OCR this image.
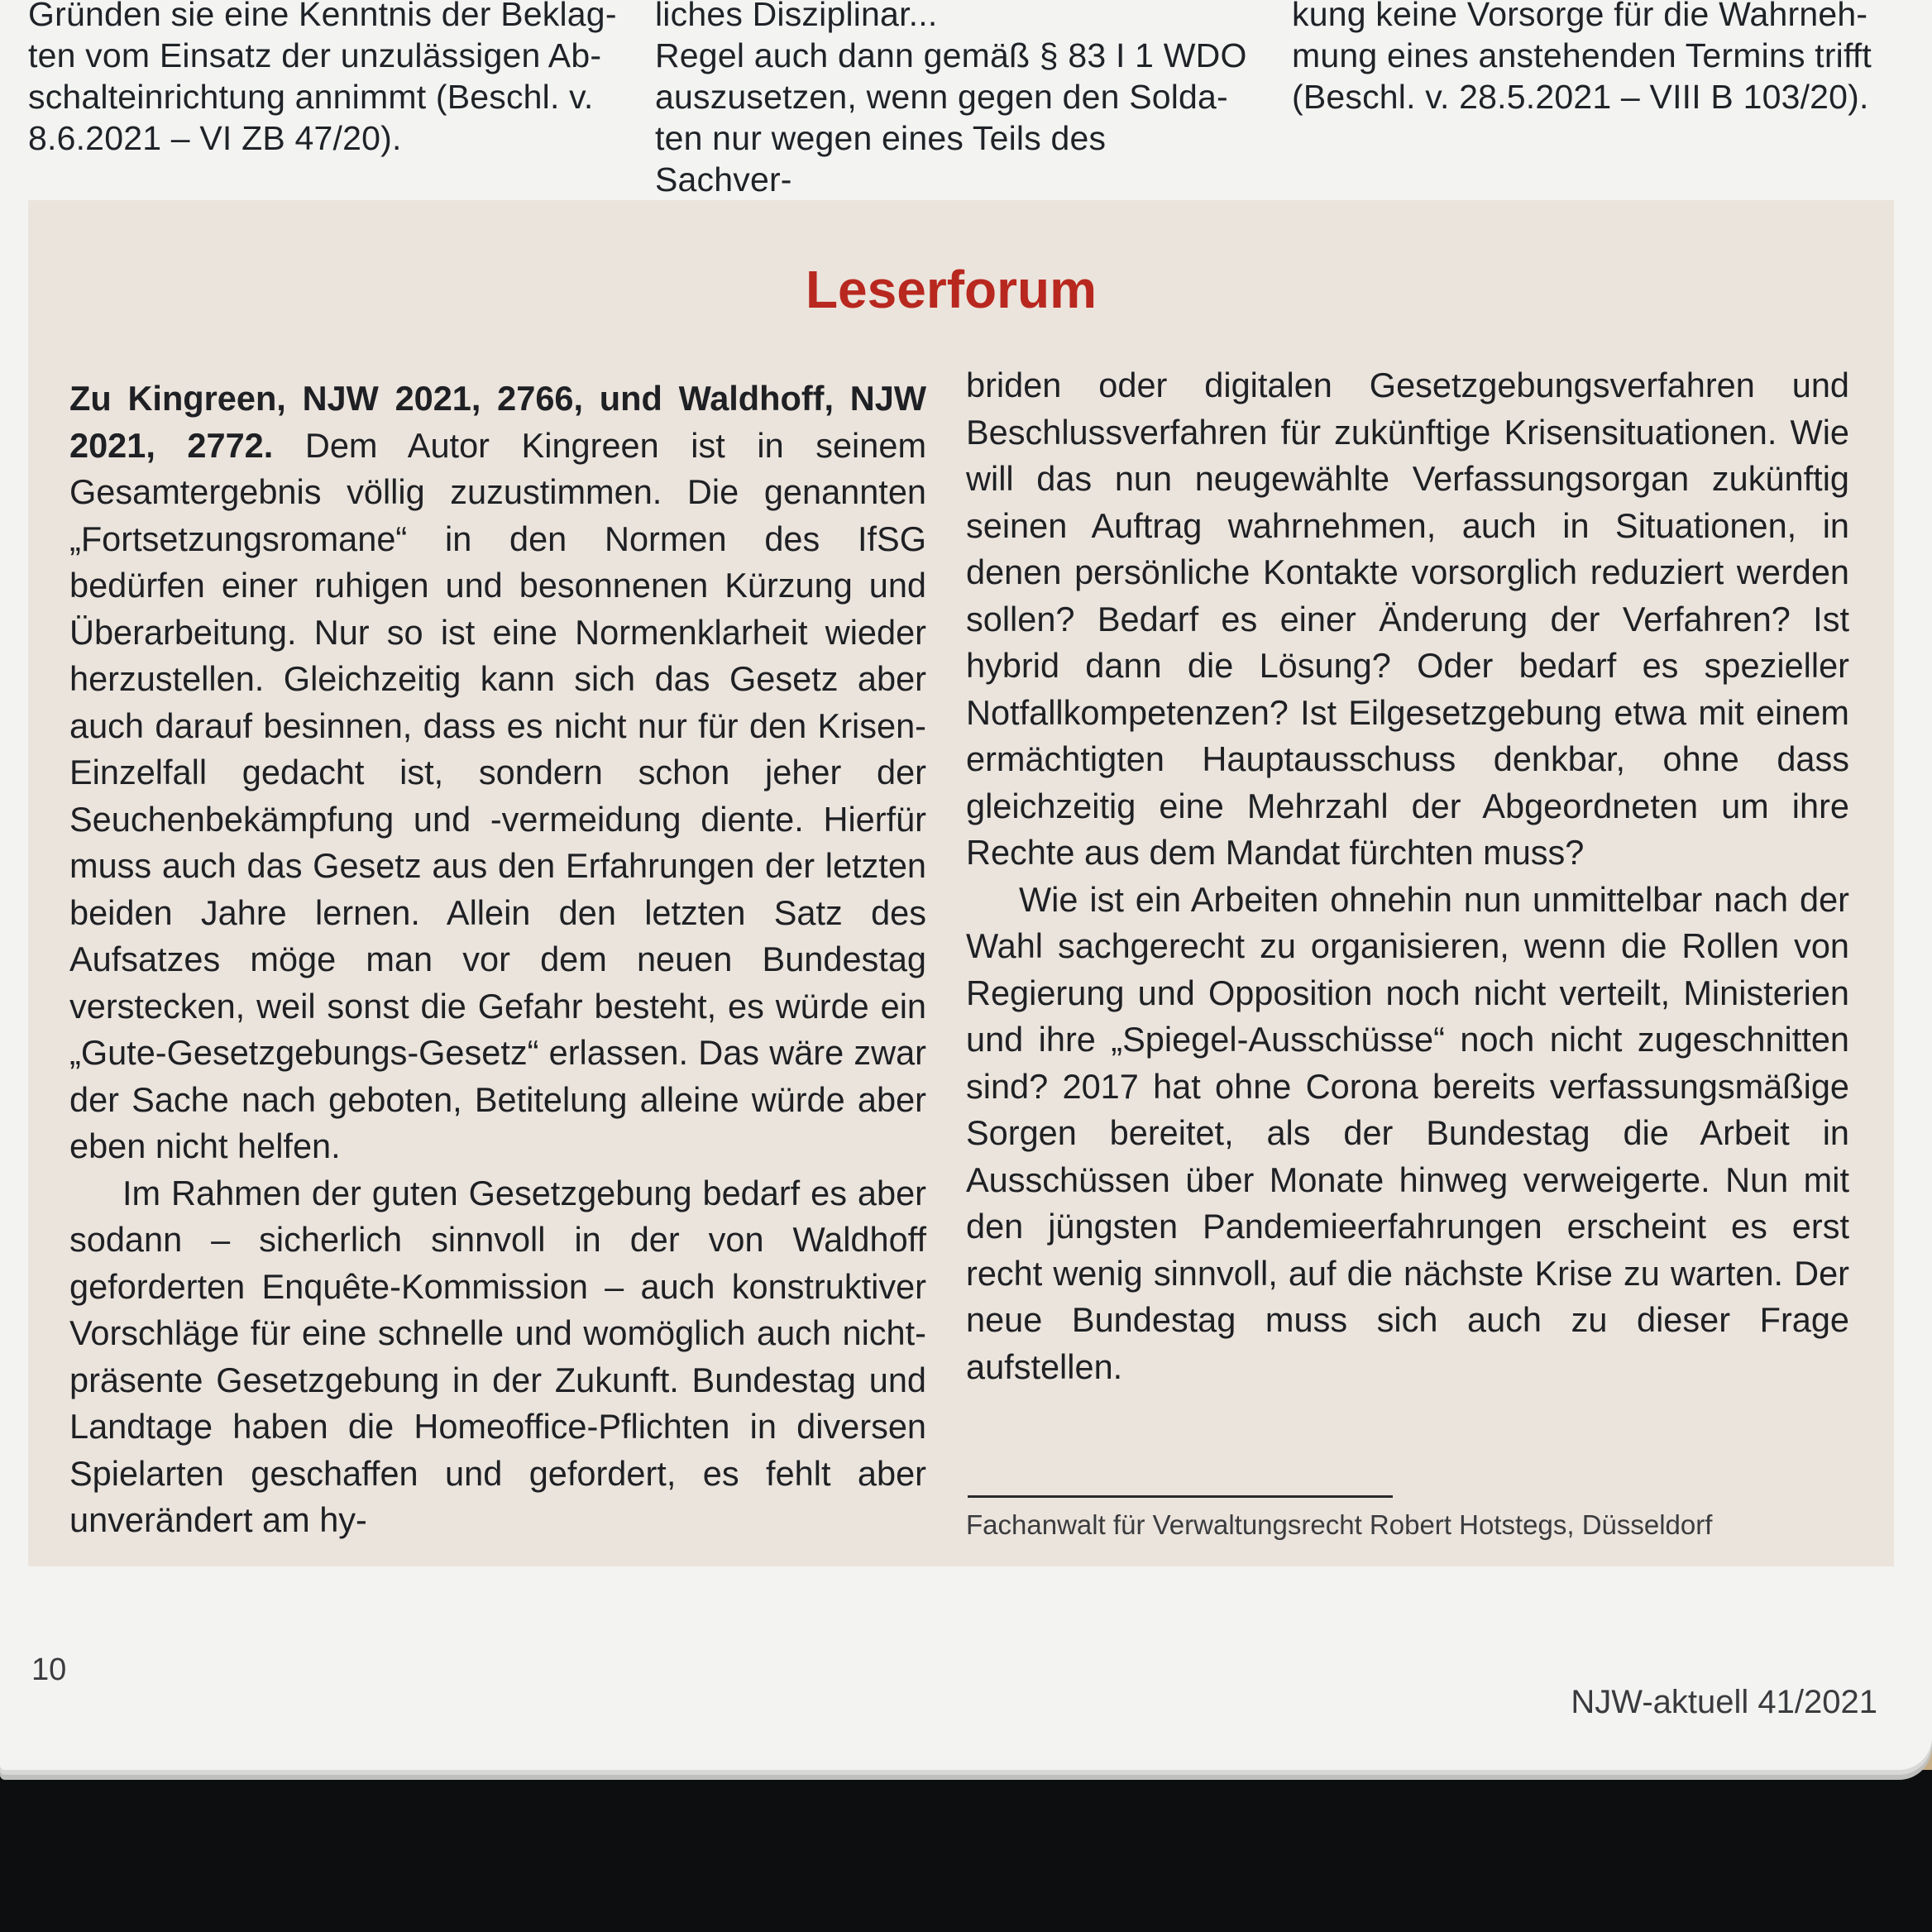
Gründen sie eine Kenntnis der Beklag-

ten vom Einsatz der unzulässigen Ab-

schalteinrichtung annimmt (Beschl. v.

8.6.2021 – VI ZB 47/20).

liches Disziplinar...

Regel auch dann gemäß § 83 I 1 WDO

auszusetzen, wenn gegen den Solda-

ten nur wegen eines Teils des Sachver-

kung keine Vorsorge für die Wahrneh-

mung eines anstehenden Termins trifft

(Beschl. v. 28.5.2021 – VIII B 103/20).

Leserforum

Zu Kingreen, NJW 2021, 2766, und Waldhoff, NJW 2021, 2772. Dem Autor Kingreen ist in seinem Gesamtergebnis völlig zuzustimmen. Die genannten „Fortsetzungsromane“ in den Normen des IfSG bedürfen einer ruhigen und besonnenen Kürzung und Überarbeitung. Nur so ist eine Normenklarheit wieder herzustellen. Gleichzeitig kann sich das Gesetz aber auch darauf besinnen, dass es nicht nur für den Krisen-Einzelfall gedacht ist, sondern schon jeher der Seuchenbekämpfung und -vermeidung diente. Hierfür muss auch das Gesetz aus den Erfahrungen der letzten beiden Jahre lernen. Allein den letzten Satz des Aufsatzes möge man vor dem neuen Bundestag verstecken, weil sonst die Gefahr besteht, es würde ein „Gute-Gesetzgebungs-Gesetz“ erlassen. Das wäre zwar der Sache nach geboten, Betitelung alleine würde aber eben nicht helfen.

Im Rahmen der guten Gesetzgebung bedarf es aber sodann – sicherlich sinnvoll in der von Waldhoff geforderten Enquête-Kommission – auch konstruktiver Vorschläge für eine schnelle und womöglich auch nicht-präsente Gesetzgebung in der Zukunft. Bundestag und Landtage haben die Homeoffice-Pflichten in diversen Spielarten geschaffen und gefordert, es fehlt aber unverändert am hy-

briden oder digitalen Gesetzgebungsverfahren und Beschlussverfahren für zukünftige Krisensituationen. Wie will das nun neugewählte Verfassungsorgan zukünftig seinen Auftrag wahrnehmen, auch in Situationen, in denen persönliche Kontakte vorsorglich reduziert werden sollen? Bedarf es einer Änderung der Verfahren? Ist hybrid dann die Lösung? Oder bedarf es spezieller Notfallkompetenzen? Ist Eilgesetzgebung etwa mit einem ermächtigten Hauptausschuss denkbar, ohne dass gleichzeitig eine Mehrzahl der Abgeordneten um ihre Rechte aus dem Mandat fürchten muss?

Wie ist ein Arbeiten ohnehin nun unmittelbar nach der Wahl sachgerecht zu organisieren, wenn die Rollen von Regierung und Opposition noch nicht verteilt, Ministerien und ihre „Spiegel-Ausschüsse“ noch nicht zugeschnitten sind? 2017 hat ohne Corona bereits verfassungsmäßige Sorgen bereitet, als der Bundestag die Arbeit in Ausschüssen über Monate hinweg verweigerte. Nun mit den jüngsten Pandemieerfahrungen erscheint es erst recht wenig sinnvoll, auf die nächste Krise zu warten. Der neue Bundestag muss sich auch zu dieser Frage aufstellen.

Fachanwalt für Verwaltungsrecht Robert Hotstegs, Düsseldorf
10
NJW-aktuell 41/2021
